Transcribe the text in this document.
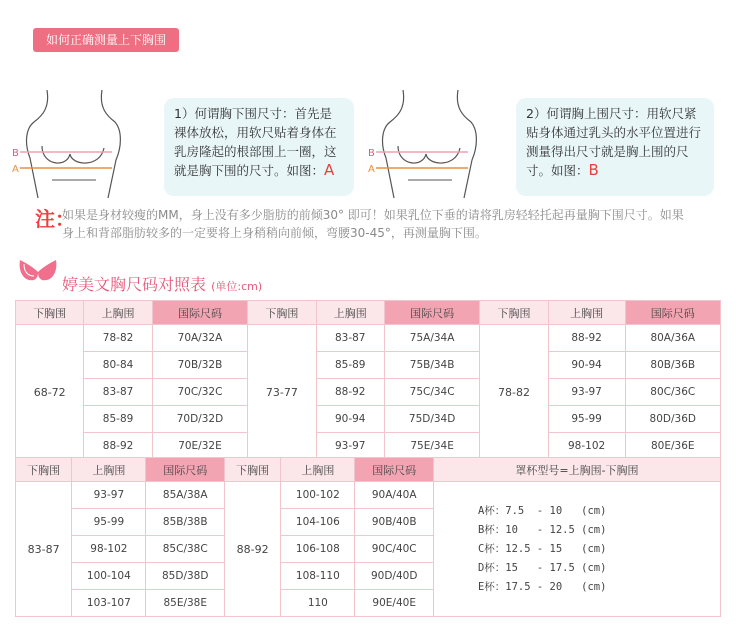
如何正确测量上下胸围
B
A
1）何谓胸下围尺寸：首先是裸体放松，用软尺贴着身体在乳房隆起的根部围上一圈，这就是胸下围的尺寸。如图：A
B
A
2）何谓胸上围尺寸：用软尺紧贴身体通过乳头的水平位置进行测量得出尺寸就是胸上围的尺寸。如图：B
注：
如果是身材较瘦的MM，身上没有多少脂肪的前倾30° 即可！如果乳位下垂的请将乳房轻轻托起再量胸下围尺寸。如果身上和背部脂肪较多的一定要将上身稍稍向前倾，弯腰30-45°，再测量胸下围。
婷美文胸尺码对照表 (单位:cm)
下胸围	上胸围	国际尺码	下胸围	上胸围	国际尺码	下胸围	上胸围	国际尺码
68-72	78-82	70A/32A	73-77	83-87	75A/34A	78-82	88-92	80A/36A
	80-84	70B/32B		85-89	75B/34B		90-94	80B/36B
	83-87	70C/32C		88-92	75C/34C		93-97	80C/36C
	85-89	70D/32D		90-94	75D/34D		95-99	80D/36D
	88-92	70E/32E		93-97	75E/34E		98-102	80E/36E
下胸围	上胸围	国际尺码	下胸围	上胸围	国际尺码	罩杯型号=上胸围-下胸围
83-87	93-97	85A/38A	88-92	100-102	90A/40A	A杯：7.5  - 10   (cm)
B杯：10   - 12.5 (cm)
C杯：12.5 - 15   (cm)
D杯：15   - 17.5 (cm)
E杯：17.5 - 20   (cm)

	95-99	85B/38B		104-106	90B/40B	
	98-102	85C/38C		106-108	90C/40C	
	100-104	85D/38D		108-110	90D/40D	
	103-107	85E/38E		110	90E/40E	
